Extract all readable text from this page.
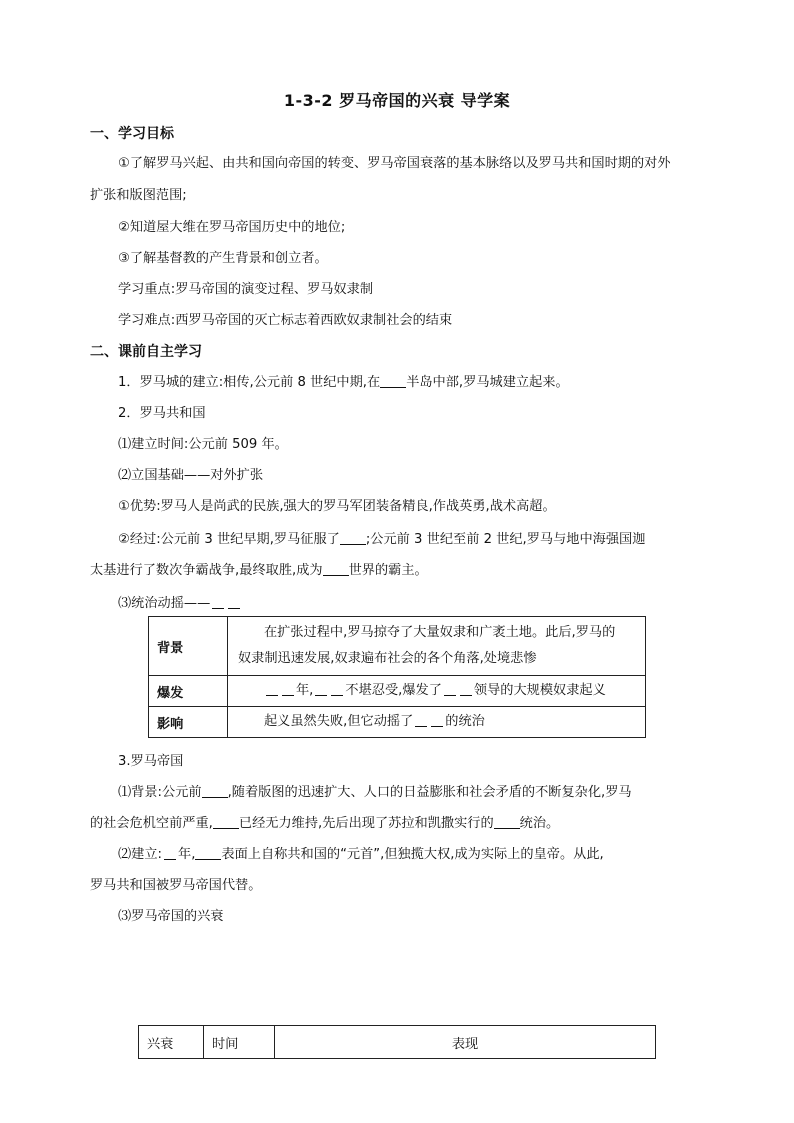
1-3-2 罗马帝国的兴衰 导学案
一、学习目标
①了解罗马兴起、由共和国向帝国的转变、罗马帝国衰落的基本脉络以及罗马共和国时期的对外
扩张和版图范围;
②知道屋大维在罗马帝国历史中的地位;
③了解基督教的产生背景和创立者。
学习重点:罗马帝国的演变过程、罗马奴隶制
学习难点:西罗马帝国的灭亡标志着西欧奴隶制社会的结束
二、课前自主学习
1．罗马城的建立:相传,公元前 8 世纪中期,在 半岛中部,罗马城建立起来。
2．罗马共和国
⑴建立时间:公元前 509 年。
⑵立国基础——对外扩张
①优势:罗马人是尚武的民族,强大的罗马军团装备精良,作战英勇,战术高超。
②经过:公元前 3 世纪早期,罗马征服了 ;公元前 3 世纪至前 2 世纪,罗马与地中海强国迦
太基进行了数次争霸战争,最终取胜,成为 世界的霸主。
⑶统治动摇——
背景	在扩张过程中,罗马掠夺了大量奴隶和广袤土地。此后,罗马的
奴隶制迅速发展,奴隶遍布社会的各个角落,处境悲惨

爆发	年, 不堪忍受,爆发了 领导的大规模奴隶起义
影响	起义虽然失败,但它动摇了 的统治
3.罗马帝国
⑴背景:公元前 ,随着版图的迅速扩大、人口的日益膨胀和社会矛盾的不断复杂化,罗马
的社会危机空前严重, 已经无力维持,先后出现了苏拉和凯撒实行的 统治。
⑵建立: 年, 表面上自称共和国的“元首”,但独揽大权,成为实际上的皇帝。从此,
罗马共和国被罗马帝国代替。
⑶罗马帝国的兴衰
兴衰	时间	表现
